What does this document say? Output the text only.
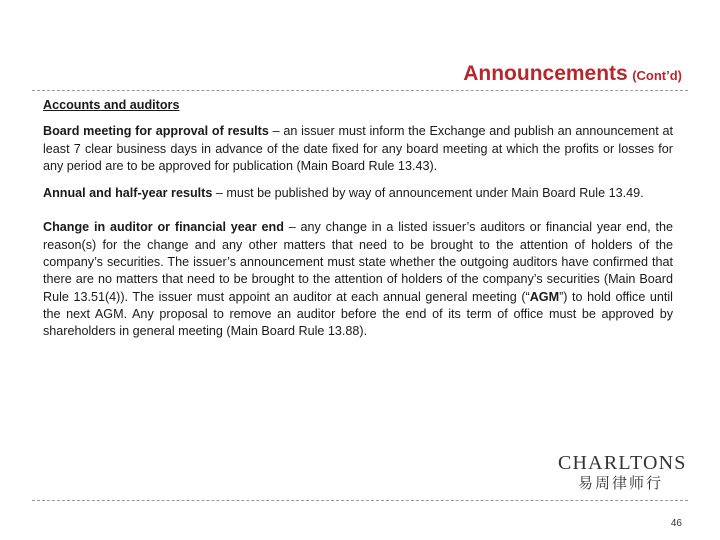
Announcements (Cont’d)

Accounts and auditors

Board meeting for approval of results – an issuer must inform the Exchange and publish an announcement at least 7 clear business days in advance of the date fixed for any board meeting at which the profits or losses for any period are to be approved for publication (Main Board Rule 13.43).

Annual and half-year results – must be published by way of announcement under Main Board Rule 13.49.

Change in auditor or financial year end – any change in a listed issuer’s auditors or financial year end, the reason(s) for the change and any other matters that need to be brought to the attention of holders of the company’s securities. The issuer’s announcement must state whether the outgoing auditors have confirmed that there are no matters that need to be brought to the attention of holders of the company’s securities (Main Board Rule 13.51(4)). The issuer must appoint an auditor at each annual general meeting (“AGM”) to hold office until the next AGM. Any proposal to remove an auditor before the end of its term of office must be approved by shareholders in general meeting (Main Board Rule 13.88).

CHARLTONS
易周律师行
46
